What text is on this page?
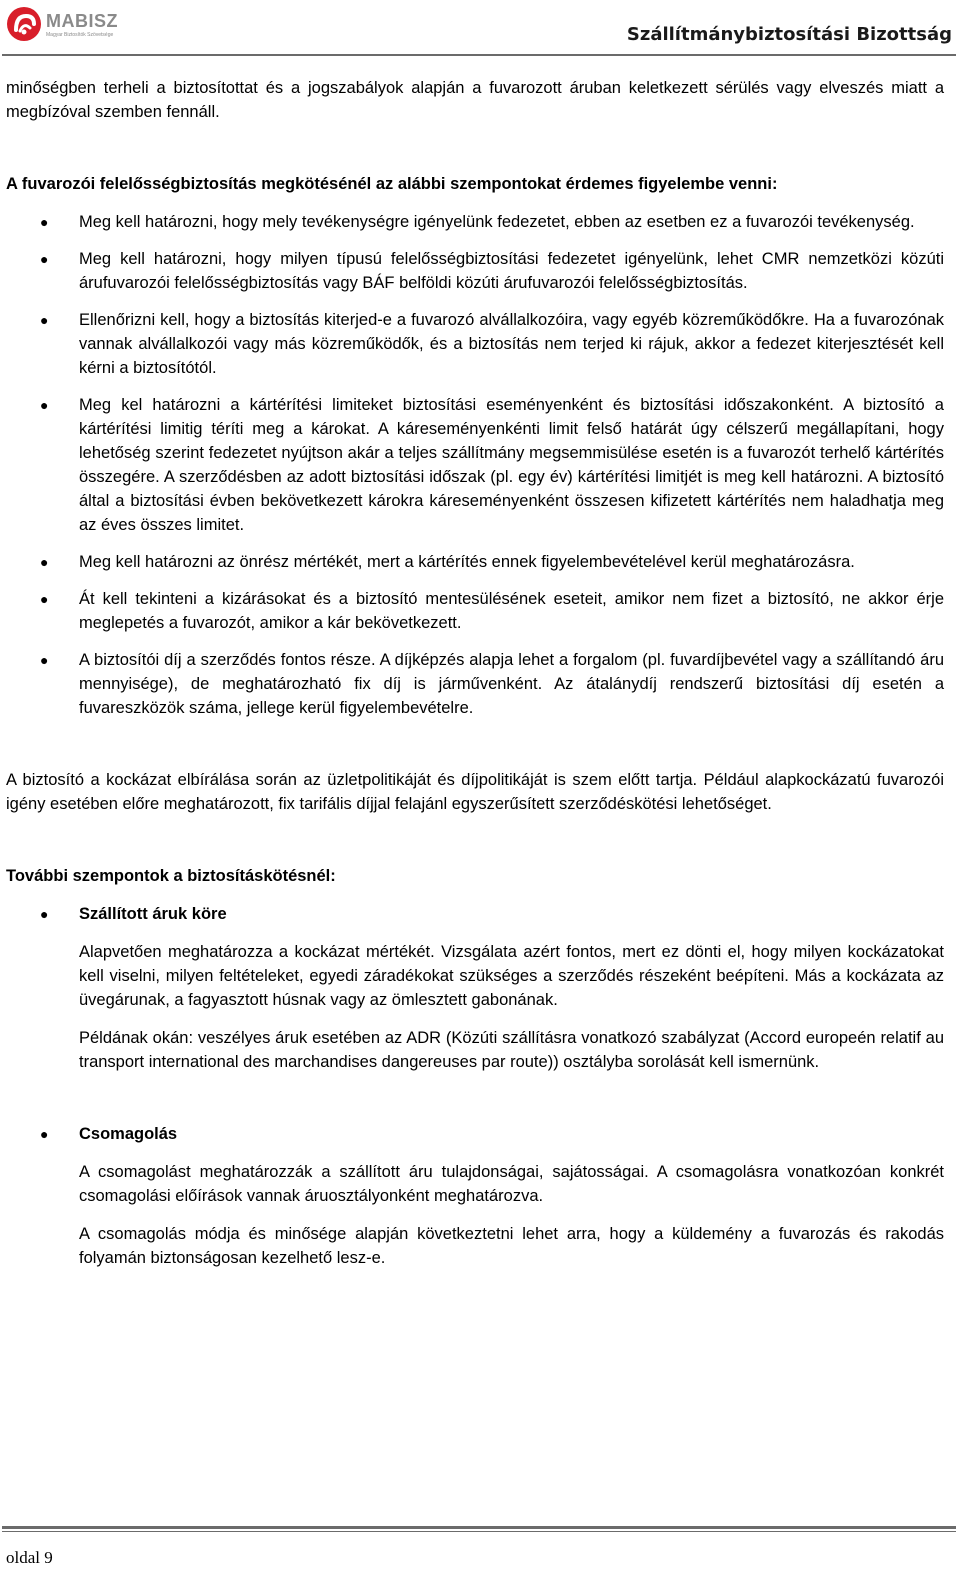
MABISZ
Magyar Biztosítók Szövetsége	Szállítmánybiztosítási Bizottság

minőségben terheli a biztosítottat és a jogszabályok alapján a fuvarozott áruban keletkezett sérülés vagy elveszés miatt a megbízóval szemben fennáll.

A fuvarozói felelősségbiztosítás megkötésénél az alábbi szempontokat érdemes figyelembe venni:

● Meg kell határozni, hogy mely tevékenységre igényelünk fedezetet, ebben az esetben ez a fuvarozói tevékenység.
● Meg kell határozni, hogy milyen típusú felelősségbiztosítási fedezetet igényelünk, lehet CMR nemzetközi közúti árufuvarozói felelősségbiztosítás vagy BÁF belföldi közúti árufuvarozói felelősségbiztosítás.
● Ellenőrizni kell, hogy a biztosítás kiterjed-e a fuvarozó alvállalkozóira, vagy egyéb közreműködőkre. Ha a fuvarozónak vannak alvállalkozói vagy más közreműködők, és a biztosítás nem terjed ki rájuk, akkor a fedezet kiterjesztését kell kérni a biztosítótól.
● Meg kel határozni a kártérítési limiteket biztosítási eseményenként és biztosítási időszakonként. A biztosító a kártérítési limitig téríti meg a károkat. A káreseményenkénti limit felső határát úgy célszerű megállapítani, hogy lehetőség szerint fedezetet nyújtson akár a teljes szállítmány megsemmisülése esetén is a fuvarozót terhelő kártérítés összegére. A szerződésben az adott biztosítási időszak (pl. egy év) kártérítési limitjét is meg kell határozni. A biztosító által a biztosítási évben bekövetkezett károkra káreseményenként összesen kifizetett kártérítés nem haladhatja meg az éves összes limitet.
● Meg kell határozni az önrész mértékét, mert a kártérítés ennek figyelembevételével kerül meghatározásra.
● Át kell tekinteni a kizárásokat és a biztosító mentesülésének eseteit, amikor nem fizet a biztosító, ne akkor érje meglepetés a fuvarozót, amikor a kár bekövetkezett.
● A biztosítói díj a szerződés fontos része. A díjképzés alapja lehet a forgalom (pl. fuvardíjbevétel vagy a szállítandó áru mennyisége), de meghatározható fix díj is járművenként. Az átalánydíj rendszerű biztosítási díj esetén a fuvareszközök száma, jellege kerül figyelembevételre.

A biztosító a kockázat elbírálása során az üzletpolitikáját és díjpolitikáját is szem előtt tartja. Például alapkockázatú fuvarozói igény esetében előre meghatározott, fix tarifális díjjal felajánl egyszerűsített szerződéskötési lehetőséget.

További szempontok a biztosításkötésnél:

● Szállított áruk köre

Alapvetően meghatározza a kockázat mértékét. Vizsgálata azért fontos, mert ez dönti el, hogy milyen kockázatokat kell viselni, milyen feltételeket, egyedi záradékokat szükséges a szerződés részeként beépíteni. Más a kockázata az üvegárunak, a fagyasztott húsnak vagy az ömlesztett gabonának.

Példának okán: veszélyes áruk esetében az ADR (Közúti szállításra vonatkozó szabályzat (Accord europeén relatif au transport international des marchandises dangereuses par route)) osztályba sorolását kell ismernünk.

● Csomagolás

A csomagolást meghatározzák a szállított áru tulajdonságai, sajátosságai. A csomagolásra vonatkozóan konkrét csomagolási előírások vannak áruosztályonként meghatározva.

A csomagolás módja és minősége alapján következtetni lehet arra, hogy a küldemény a fuvarozás és rakodás folyamán biztonságosan kezelhető lesz-e.

oldal 9
